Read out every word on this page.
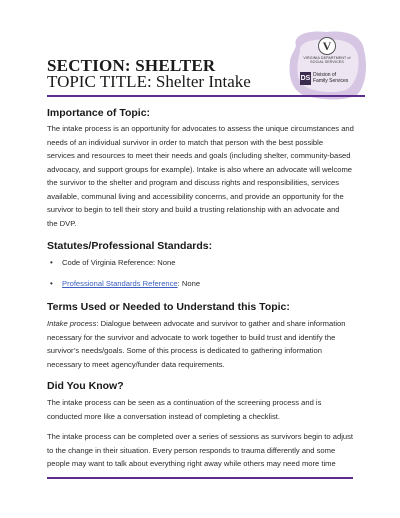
SECTION: SHELTER
TOPIC TITLE: Shelter Intake
V
VIRGINIA DEPARTMENT of SOCIAL SERVICES
DS Division of
Family Services
Importance of Topic:
The intake process is an opportunity for advocates to assess the unique circumstances and
needs of an individual survivor in order to match that person with the best possible
services and resources to meet their needs and goals (including shelter, community-based
advocacy, and support groups for example). Intake is also where an advocate will welcome
the survivor to the shelter and program and discuss rights and responsibilities, services
available, communal living and accessibility concerns, and provide an opportunity for the
survivor to begin to tell their story and build a trusting relationship with an advocate and
the DVP.
Statutes/Professional Standards:
• Code of Virginia Reference: None
• Professional Standards Reference: None
Terms Used or Needed to Understand this Topic:
Intake process: Dialogue between advocate and survivor to gather and share information
necessary for the survivor and advocate to work together to build trust and identify the
survivor’s needs/goals. Some of this process is dedicated to gathering information
necessary to meet agency/funder data requirements.
Did You Know?
The intake process can be seen as a continuation of the screening process and is
conducted more like a conversation instead of completing a checklist.
The intake process can be completed over a series of sessions as survivors begin to adjust
to the change in their situation. Every person responds to trauma differently and some
people may want to talk about everything right away while others may need more time
